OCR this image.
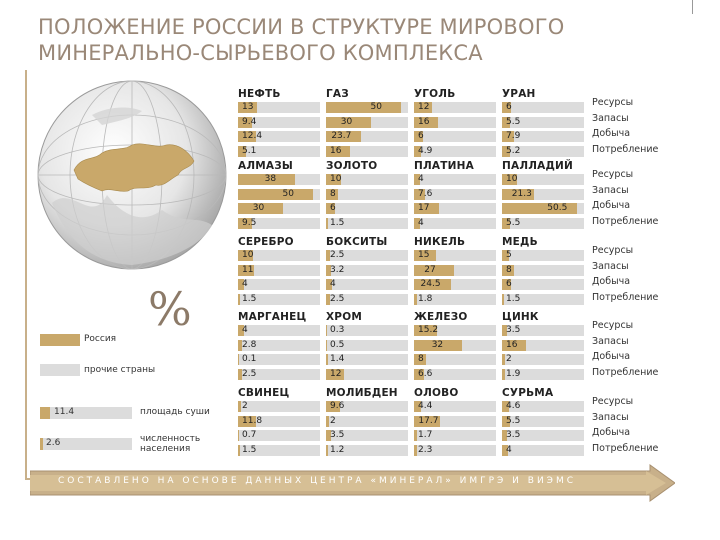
ПОЛОЖЕНИЕ РОССИИ В СТРУКТУРЕ МИРОВОГО МИНЕРАЛЬНО-СЫРЬЕВОГО КОМПЛЕКСА
СОСТАВЛЕНО НА ОСНОВЕ ДАННЫХ ЦЕНТРА «МИНЕРАЛ» ИМГРЭ И ВИЭМС
%
Россия
прочие страны
11.4	площадь суши
2.6	численность населения
НЕФТЬ
13
9.4
12.4
5.1
ГАЗ
50
30
23.7
16
УГОЛЬ
12
16
6
4.9
УРАН
6
5.5
7.9
5.2
АЛМАЗЫ
38
50
30
9.5
ЗОЛОТО
10
8
6
1.5
ПЛАТИНА
4
7.6
17
4
ПАЛЛАДИЙ
10
21.3
50.5
5.5
СЕРЕБРО
10
11
4
1.5
БОКСИТЫ
2.5
3.2
4
2.5
НИКЕЛЬ
15
27
24.5
1.8
МЕДЬ
5
8
6
1.5
МАРГАНЕЦ
4
2.8
0.1
2.5
ХРОМ
0.3
0.5
1.4
12
ЖЕЛЕЗО
15.2
32
8
6.6
ЦИНК
3.5
16
2
1.9
СВИНЕЦ
2
11.8
0.7
1.5
МОЛИБДЕН
9.6
2
3.5
1.2
ОЛОВО
4.4
17.7
1.7
2.3
СУРЬМА
4.6
5.5
3.5
4
Ресурсы
Запасы
Добыча
Потребление
Ресурсы
Запасы
Добыча
Потребление
Ресурсы
Запасы
Добыча
Потребление
Ресурсы
Запасы
Добыча
Потребление
Ресурсы
Запасы
Добыча
Потребление
